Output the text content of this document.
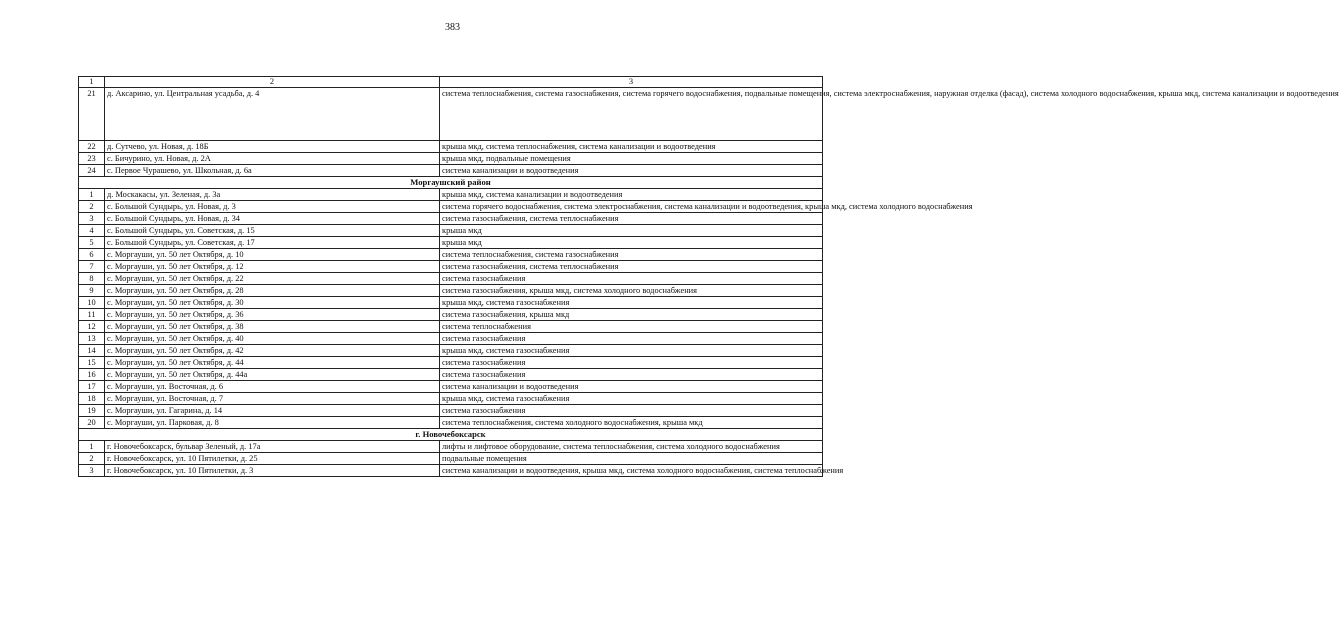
383
1	2	3
21	д. Аксарино, ул. Центральная усадьба, д. 4	система теплоснабжения, система газоснабжения, система горячего водоснабжения, подвальные помещения, система электроснабжения, наружная отделка (фасад), система холодного водоснабжения, крыша мкд, система канализации и водоотведения
22	д. Сутчево, ул. Новая, д. 18Б	крыша мкд, система теплоснабжения, система канализации и водоотведения
23	с. Бичурино, ул. Новая, д. 2А	крыша мкд, подвальные помещения
24	с. Первое Чурашево, ул. Школьная, д. 6а	система канализации и водоотведения
Моргаушский район		
1	д. Москакасы, ул. Зеленая, д. 3а	крыша мкд, система канализации и водоотведения
2	с. Большой Сундырь, ул. Новая, д. 3	система горячего водоснабжения, система электроснабжения, система канализации и водоотведения, крыша мкд, система холодного водоснабжения
3	с. Большой Сундырь, ул. Новая, д. 34	система газоснабжения, система теплоснабжения
4	с. Большой Сундырь, ул. Советская, д. 15	крыша мкд
5	с. Большой Сундырь, ул. Советская, д. 17	крыша мкд
6	с. Моргауши, ул. 50 лет Октября, д. 10	система теплоснабжения, система газоснабжения
7	с. Моргауши, ул. 50 лет Октября, д. 12	система газоснабжения, система теплоснабжения
8	с. Моргауши, ул. 50 лет Октября, д. 22	система газоснабжения
9	с. Моргауши, ул. 50 лет Октября, д. 28	система газоснабжения, крыша мкд, система холодного водоснабжения
10	с. Моргауши, ул. 50 лет Октября, д. 30	крыша мкд, система газоснабжения
11	с. Моргауши, ул. 50 лет Октября, д. 36	система газоснабжения, крыша мкд
12	с. Моргауши, ул. 50 лет Октября, д. 38	система теплоснабжения
13	с. Моргауши, ул. 50 лет Октября, д. 40	система газоснабжения
14	с. Моргауши, ул. 50 лет Октября, д. 42	крыша мкд, система газоснабжения
15	с. Моргауши, ул. 50 лет Октября, д. 44	система газоснабжения
16	с. Моргауши, ул. 50 лет Октября, д. 44а	система газоснабжения
17	с. Моргауши, ул. Восточная, д. 6	система канализации и водоотведения
18	с. Моргауши, ул. Восточная, д. 7	крыша мкд, система газоснабжения
19	с. Моргауши, ул. Гагарина, д. 14	система газоснабжения
20	с. Моргауши, ул. Парковая, д. 8	система теплоснабжения, система холодного водоснабжения, крыша мкд
г. Новочебоксарск		
1	г. Новочебоксарск, бульвар Зеленый, д. 17а	лифты и лифтовое оборудование, система теплоснабжения, система холодного водоснабжения
2	г. Новочебоксарск, ул. 10 Пятилетки, д. 25	подвальные помещения
3	г. Новочебоксарск, ул. 10 Пятилетки, д. 3	система канализации и водоотведения, крыша мкд, система холодного водоснабжения, система теплоснабжения
